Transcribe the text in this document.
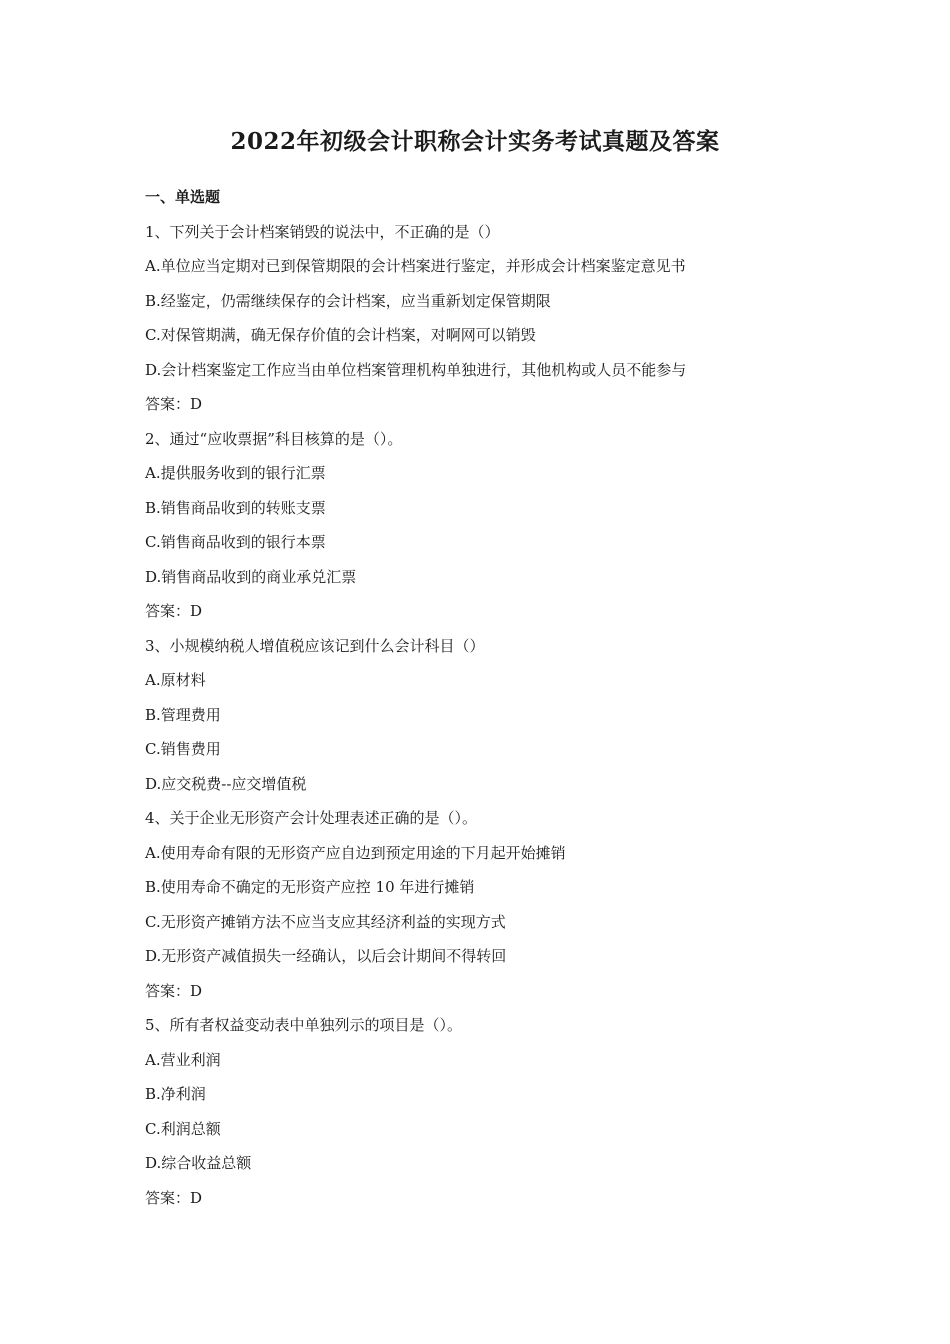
2022年初级会计职称会计实务考试真题及答案
一、单选题
1、下列关于会计档案销毁的说法中，不正确的是（）
A.单位应当定期对已到保管期限的会计档案进行鉴定，并形成会计档案鉴定意见书
B.经鉴定，仍需继续保存的会计档案，应当重新划定保管期限
C.对保管期满，确无保存价值的会计档案，对啊网可以销毁
D.会计档案鉴定工作应当由单位档案管理机构单独进行，其他机构或人员不能参与
答案：D
2、通过“应收票据”科目核算的是（）。
A.提供服务收到的银行汇票
B.销售商品收到的转账支票
C.销售商品收到的银行本票
D.销售商品收到的商业承兑汇票
答案：D
3、小规模纳税人增值税应该记到什么会计科目（）
A.原材料
B.管理费用
C.销售费用
D.应交税费--应交增值税
4、关于企业无形资产会计处理表述正确的是（）。
A.使用寿命有限的无形资产应自边到预定用途的下月起开始摊销
B.使用寿命不确定的无形资产应控 10 年进行摊销
C.无形资产摊销方法不应当支应其经济利益的实现方式
D.无形资产减值损失一经确认，以后会计期间不得转回
答案：D
5、所有者权益变动表中单独列示的项目是（）。
A.营业利润
B.净利润
C.利润总额
D.综合收益总额
答案：D
